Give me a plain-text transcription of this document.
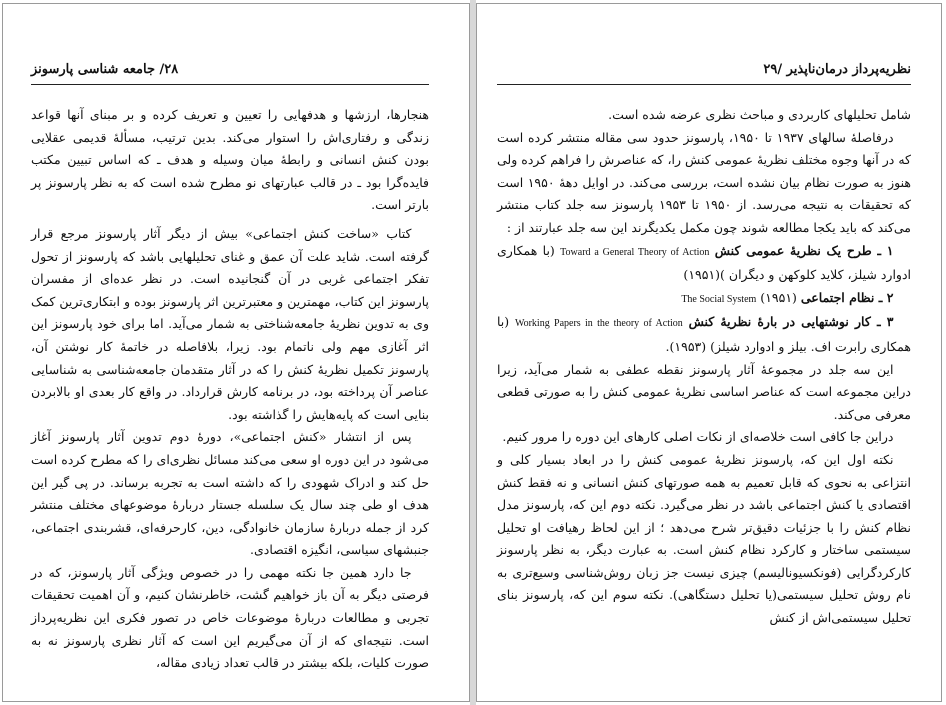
۲۸/ جامعه شناسی پارسونز

هنجارها، ارزشها و هدفهایی را تعیین و تعریف کرده و بر مبنای آنها قواعد زندگی و رفتاری‌اش را استوار می‌کند. بدین ترتیب، مسألهٔ قدیمی عقلایی بودن کنش انسانی و رابطهٔ میان وسیله و هدف ـ که اساس تبیین مکتب فایده‌گرا بود ـ در قالب عبارتهای نو مطرح شده است که به نظر پارسونز پر بارتر است.

کتاب «ساخت کنش اجتماعی» بیش از دیگر آثار پارسونز مرجع قرار گرفته است. شاید علت آن عمق و غنای تحلیلهایی باشد که پارسونز از تحول تفکر اجتماعی غربی در آن گنجانیده است. در نظر عده‌ای از مفسران پارسونز این کتاب، مهمترین و معتبرترین اثر پارسونز بوده و ابتکاری‌ترین کمک وی به تدوین نظریهٔ جامعه‌شناختی به شمار می‌آید. اما برای خود پارسونز این اثر آغازی مهم ولی ناتمام بود. زیرا، بلافاصله در خاتمهٔ کار نوشتن آن، پارسونز تکمیل نظریهٔ کنش را که در آثار متقدمان جامعه‌شناسی به شناسایی عناصر آن پرداخته بود، در برنامه کارش قرارداد. در واقع کار بعدی او بالابردن بنایی است که پایه‌هایش را گذاشته بود.

پس از انتشار «کنش اجتماعی»، دورهٔ دوم تدوین آثار پارسونز آغاز می‌شود در این دوره او سعی می‌کند مسائل نظری‌ای را که مطرح کرده است حل کند و ادراک شهودی را که داشته است به تجربه برساند. در پی گیر این هدف او طی چند سال یک سلسله جستار دربارهٔ موضوعهای مختلف منتشر کرد از جمله دربارهٔ سازمان خانوادگی، دین، کارحرفه‌ای، قشربندی اجتماعی، جنبشهای سیاسی، انگیزه اقتصادی.

جا دارد همین جا نکته مهمی را در خصوص ویژگی آثار پارسونز، که در فرصتی دیگر به آن باز خواهیم گشت، خاطرنشان کنیم، و آن اهمیت تحقیقات تجربی و مطالعات دربارهٔ موضوعات خاص در تصور فکری این نظریه‌پرداز است. نتیجه‌ای که از آن می‌گیریم این است که آثار نظری پارسونز نه به صورت کلیات، بلکه بیشتر در قالب تعداد زیادی مقاله،

نظریه‌پرداز درمان‌ناپذیر /۲۹

شامل تحلیلهای کاربردی و مباحث نظری عرضه شده است.

درفاصلهٔ سالهای ۱۹۳۷ تا ۱۹۵۰، پارسونز حدود سی مقاله منتشر کرده است که در آنها وجوه مختلف نظریهٔ عمومی کنش را، که عناصرش را فراهم کرده ولی هنوز به صورت نظام بیان نشده است، بررسی می‌کند. در اوایل دههٔ ۱۹۵۰ است که تحقیقات به نتیجه می‌رسد. از ۱۹۵۰ تا ۱۹۵۳ پارسونز سه جلد کتاب منتشر می‌کند که باید یکجا مطالعه شوند چون مکمل یکدیگرند این سه جلد عبارتند از :

۱ ـ طرح یک نظریهٔ عمومی کنش Toward a General Theory of Action (با همکاری ادوارد شیلز، کلاید کلوکهن و دیگران )(۱۹۵۱)

۲ ـ نظام اجتماعی The Social System (۱۹۵۱)

۳ ـ کار نوشتهایی در بارهٔ نظریهٔ کنش Working Papers in the theory of Action (با همکاری رابرت اف. بیلز و ادوارد شیلز) (۱۹۵۳).

این سه جلد در مجموعهٔ آثار پارسونز نقطه عطفی به شمار می‌آید، زیرا دراین مجموعه است که عناصر اساسی نظریهٔ عمومی کنش را به صورتی قطعی معرفی می‌کند.

دراین جا کافی است خلاصه‌ای از نکات اصلی کارهای این دوره را مرور کنیم.

نکته اول این که، پارسونز نظریهٔ عمومی کنش را در ابعاد بسیار کلی و انتزاعی به نحوی که قابل تعمیم به همه صورتهای کنش انسانی و نه فقط کنش اقتصادی یا کنش اجتماعی باشد در نظر می‌گیرد. نکته دوم این که، پارسونز مدل نظام کنش را با جزئیات دقیق‌تر شرح می‌دهد ؛ از این لحاظ رهیافت او تحلیل سیستمی ساختار و کارکرد نظام کنش است. به عبارت دیگر، به نظر پارسونز کارکردگرایی (فونکسیونالیسم) چیزی نیست جز زبان روش‌شناسی وسیع‌تری به نام روش تحلیل سیستمی(یا تحلیل دستگاهی). نکته سوم این که، پارسونز بنای تحلیل سیستمی‌اش از کنش
